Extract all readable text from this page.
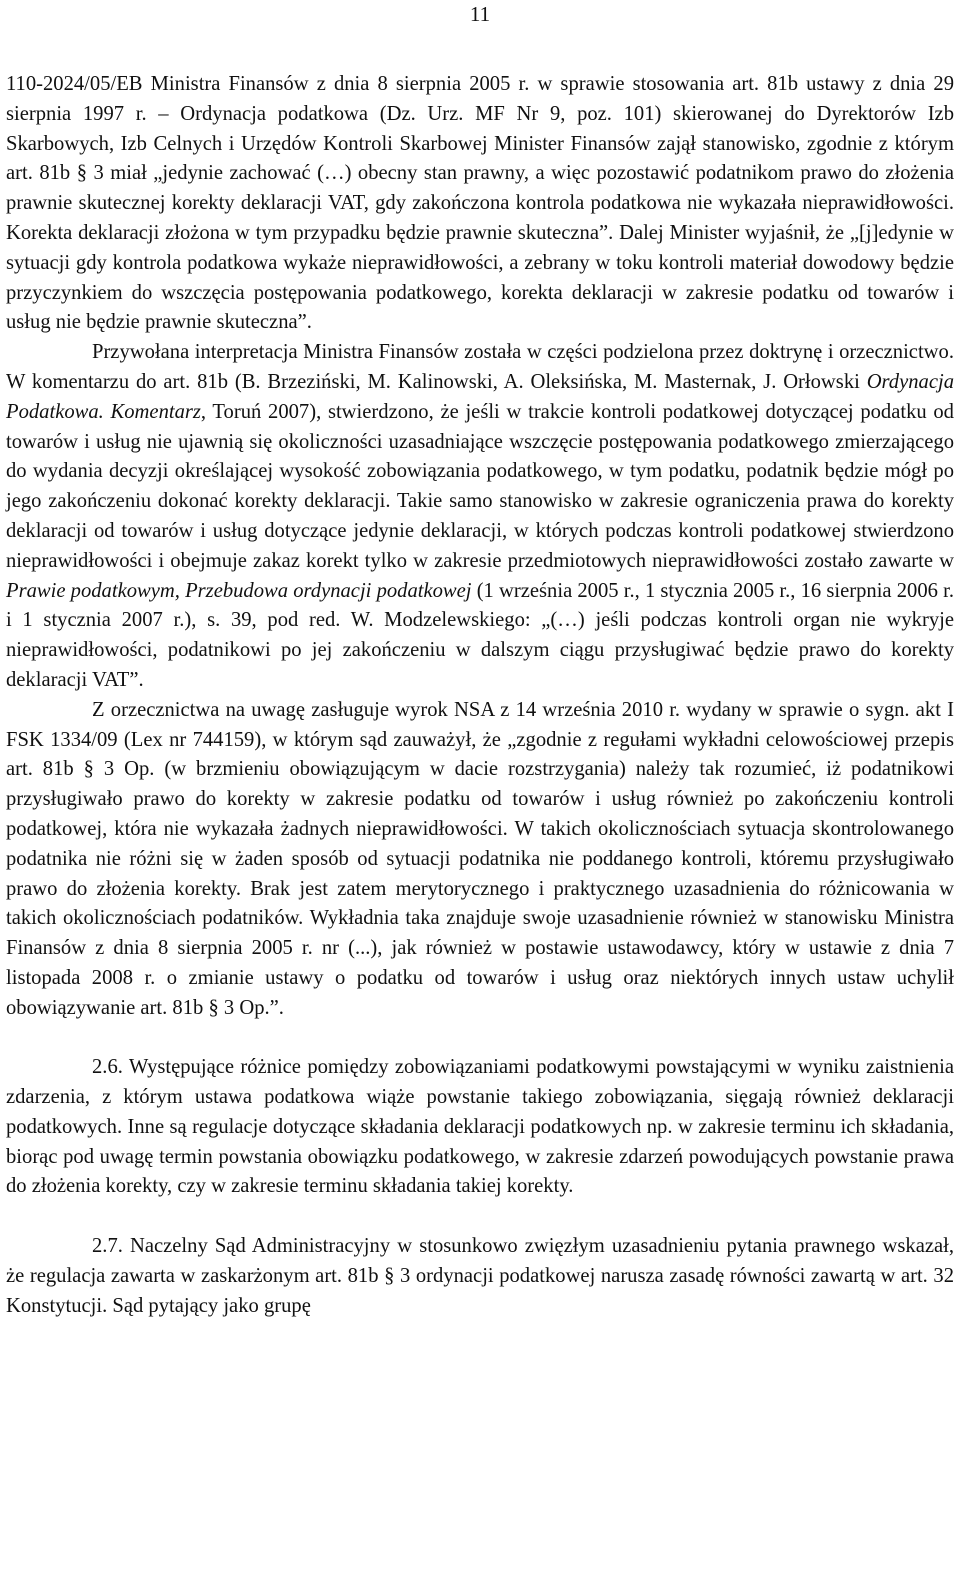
11

110-2024/05/EB Ministra Finansów z dnia 8 sierpnia 2005 r. w sprawie stosowania art. 81b ustawy z dnia 29 sierpnia 1997 r. – Ordynacja podatkowa (Dz. Urz. MF Nr 9, poz. 101) skierowanej do Dyrektorów Izb Skarbowych, Izb Celnych i Urzędów Kontroli Skarbowej Minister Finansów zajął stanowisko, zgodnie z którym art. 81b § 3 miał „jedynie zachować (…) obecny stan prawny, a więc pozostawić podatnikom prawo do złożenia prawnie skutecznej korekty deklaracji VAT, gdy zakończona kontrola podatkowa nie wykazała nieprawidłowości. Korekta deklaracji złożona w tym przypadku będzie prawnie skuteczna”. Dalej Minister wyjaśnił, że „[j]edynie w sytuacji gdy kontrola podatkowa wykaże nieprawidłowości, a zebrany w toku kontroli materiał dowodowy będzie przyczynkiem do wszczęcia postępowania podatkowego, korekta deklaracji w zakresie podatku od towarów i usług nie będzie prawnie skuteczna”.

Przywołana interpretacja Ministra Finansów została w części podzielona przez doktrynę i orzecznictwo. W komentarzu do art. 81b (B. Brzeziński, M. Kalinowski, A. Oleksińska, M. Masternak, J. Orłowski Ordynacja Podatkowa. Komentarz, Toruń 2007), stwierdzono, że jeśli w trakcie kontroli podatkowej dotyczącej podatku od towarów i usług nie ujawnią się okoliczności uzasadniające wszczęcie postępowania podatkowego zmierzającego do wydania decyzji określającej wysokość zobowiązania podatkowego, w tym podatku, podatnik będzie mógł po jego zakończeniu dokonać korekty deklaracji. Takie samo stanowisko w zakresie ograniczenia prawa do korekty deklaracji od towarów i usług dotyczące jedynie deklaracji, w których podczas kontroli podatkowej stwierdzono nieprawidłowości i obejmuje zakaz korekt tylko w zakresie przedmiotowych nieprawidłowości zostało zawarte w Prawie podatkowym, Przebudowa ordynacji podatkowej (1 września 2005 r., 1 stycznia 2005 r., 16 sierpnia 2006 r. i 1 stycznia 2007 r.), s. 39, pod red. W. Modzelewskiego: „(…) jeśli podczas kontroli organ nie wykryje nieprawidłowości, podatnikowi po jej zakończeniu w dalszym ciągu przysługiwać będzie prawo do korekty deklaracji VAT”.

Z orzecznictwa na uwagę zasługuje wyrok NSA z 14 września 2010 r. wydany w sprawie o sygn. akt I FSK 1334/09 (Lex nr 744159), w którym sąd zauważył, że „zgodnie z regułami wykładni celowościowej przepis art. 81b § 3 Op. (w brzmieniu obowiązującym w dacie rozstrzygania) należy tak rozumieć, iż podatnikowi przysługiwało prawo do korekty w zakresie podatku od towarów i usług również po zakończeniu kontroli podatkowej, która nie wykazała żadnych nieprawidłowości. W takich okolicznościach sytuacja skontrolowanego podatnika nie różni się w żaden sposób od sytuacji podatnika nie poddanego kontroli, któremu przysługiwało prawo do złożenia korekty. Brak jest zatem merytorycznego i praktycznego uzasadnienia do różnicowania w takich okolicznościach podatników. Wykładnia taka znajduje swoje uzasadnienie również w stanowisku Ministra Finansów z dnia 8 sierpnia 2005 r. nr (...), jak również w postawie ustawodawcy, który w ustawie z dnia 7 listopada 2008 r. o zmianie ustawy o podatku od towarów i usług oraz niektórych innych ustaw uchylił obowiązywanie art. 81b § 3 Op.”.

2.6. Występujące różnice pomiędzy zobowiązaniami podatkowymi powstającymi w wyniku zaistnienia zdarzenia, z którym ustawa podatkowa wiąże powstanie takiego zobowiązania, sięgają również deklaracji podatkowych. Inne są regulacje dotyczące składania deklaracji podatkowych np. w zakresie terminu ich składania, biorąc pod uwagę termin powstania obowiązku podatkowego, w zakresie zdarzeń powodujących powstanie prawa do złożenia korekty, czy w zakresie terminu składania takiej korekty.

2.7. Naczelny Sąd Administracyjny w stosunkowo zwięzłym uzasadnieniu pytania prawnego wskazał, że regulacja zawarta w zaskarżonym art. 81b § 3 ordynacji podatkowej narusza zasadę równości zawartą w art. 32 Konstytucji. Sąd pytający jako grupę
